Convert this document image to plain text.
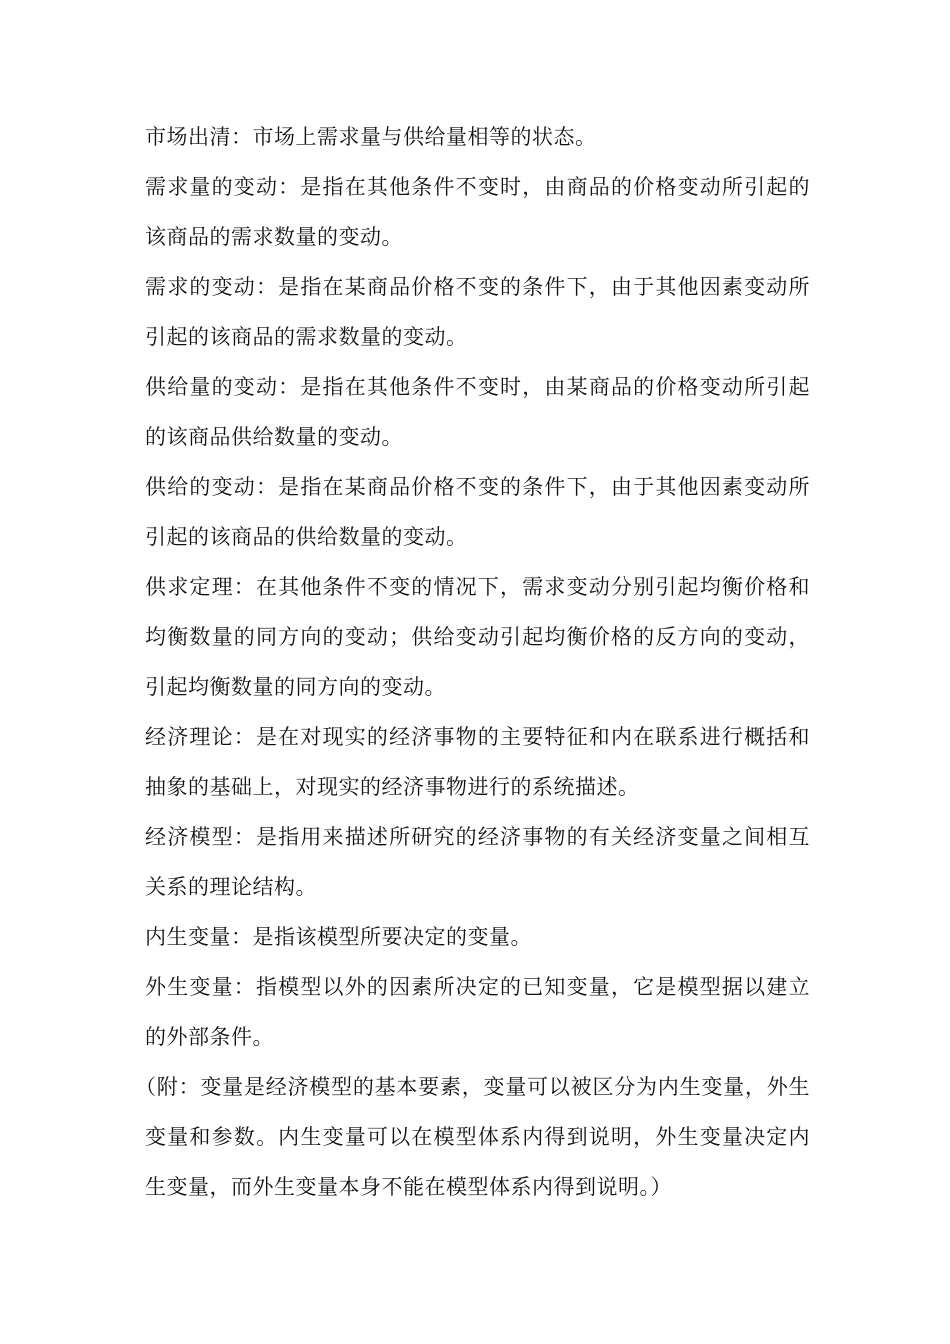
市场出清：市场上需求量与供给量相等的状态。

需求量的变动：是指在其他条件不变时，由商品的价格变动所引起的该商品的需求数量的变动。

需求的变动：是指在某商品价格不变的条件下，由于其他因素变动所引起的该商品的需求数量的变动。

供给量的变动：是指在其他条件不变时，由某商品的价格变动所引起的该商品供给数量的变动。

供给的变动：是指在某商品价格不变的条件下，由于其他因素变动所引起的该商品的供给数量的变动。

供求定理：在其他条件不变的情况下，需求变动分别引起均衡价格和均衡数量的同方向的变动；供给变动引起均衡价格的反方向的变动，引起均衡数量的同方向的变动。

经济理论：是在对现实的经济事物的主要特征和内在联系进行概括和抽象的基础上，对现实的经济事物进行的系统描述。

经济模型：是指用来描述所研究的经济事物的有关经济变量之间相互关系的理论结构。

内生变量：是指该模型所要决定的变量。

外生变量：指模型以外的因素所决定的已知变量，它是模型据以建立的外部条件。

（附：变量是经济模型的基本要素，变量可以被区分为内生变量，外生变量和参数。内生变量可以在模型体系内得到说明，外生变量决定内生变量，而外生变量本身不能在模型体系内得到说明。）
